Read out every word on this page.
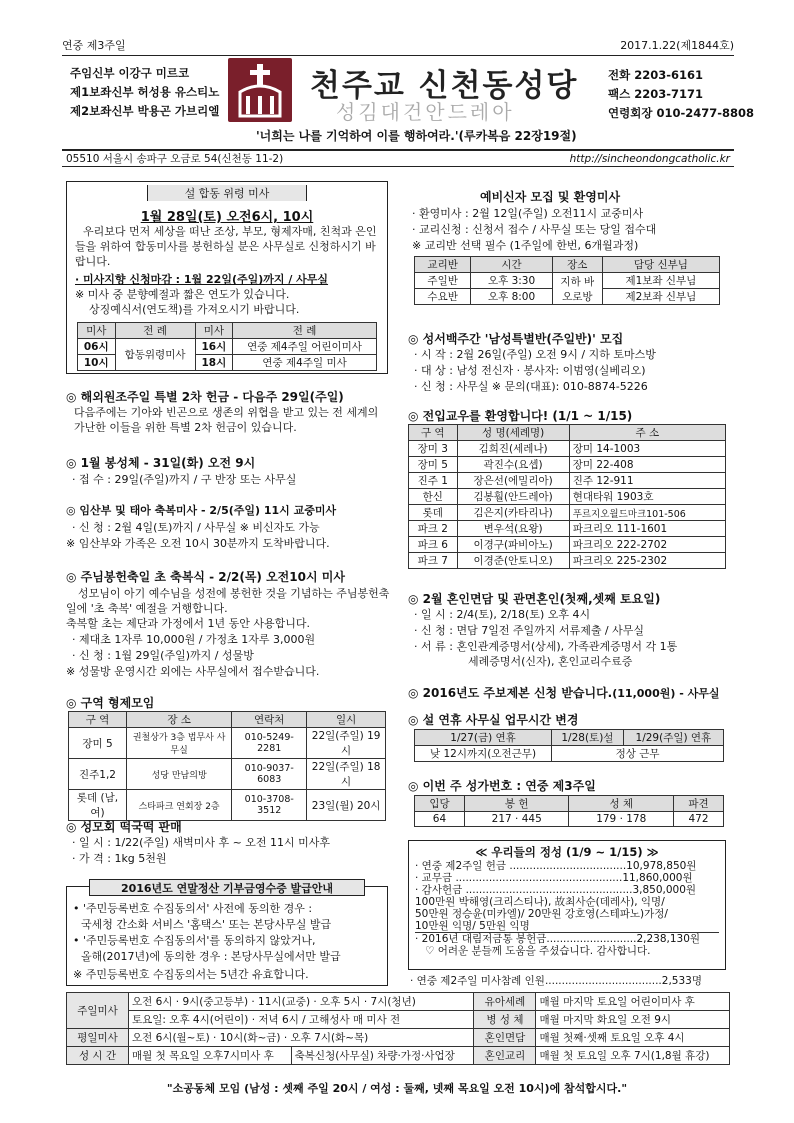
연중 제3주일	2017.1.22(제1844호)
주임신부 이강구 미르코
제1보좌신부 허성용 유스티노
제2보좌신부 박용곤 가브리엘
천주교 신천동성당
성김대건안드레아
전화 2203-6161
팩스 2203-7171
연령회장 010-2477-8808
'너희는 나를 기억하여 이를 행하여라.'(루카복음 22장19절)
05510 서울시 송파구 오금로 54(신천동 11-2)	http://sincheondongcatholic.kr
설 합동 위령 미사
1월 28일(토) 오전6시, 10시
우리보다 먼저 세상을 떠난 조상, 부모, 형제자매, 친척과 은인들을 위하여 합동미사를 봉헌하실 분은 사무실로 신청하시기 바랍니다.
· 미사지향 신청마감 : 1월 22일(주일)까지 / 사무실
※ 미사 중 분향예절과 짧은 연도가 있습니다.
상징예식서(연도책)를 가져오시기 바랍니다.
미사	전 례	미사	전 례
06시	합동위령미사	16시	연중 제4주일 어린이미사
10시		18시	연중 제4주일 미사
◎ 해외원조주일 특별 2차 헌금 - 다음주 29일(주일)
다음주에는 기아와 빈곤으로 생존의 위협을 받고 있는 전 세계의 가난한 이들을 위한 특별 2차 헌금이 있습니다.
◎ 1월 봉성체 - 31일(화) 오전 9시
· 접 수 : 29일(주일)까지 / 구 반장 또는 사무실
◎ 임산부 및 태아 축복미사 - 2/5(주일) 11시 교중미사
· 신 청 : 2월 4일(토)까지 / 사무실 ※ 비신자도 가능
※ 임산부와 가족은 오전 10시 30분까지 도착바랍니다.
◎ 주님봉헌축일 초 축복식 - 2/2(목) 오전10시 미사
성모님이 아기 예수님을 성전에 봉헌한 것을 기념하는 주님봉헌축일에 '초 축복' 예절을 거행합니다.
축복할 초는 제단과 가정에서 1년 동안 사용합니다.
· 제대초 1자루 10,000원 / 가정초 1자루 3,000원
· 신 청 : 1월 29일(주일)까지 / 성물방
※ 성물방 운영시간 외에는 사무실에서 접수받습니다.
◎ 구역 형제모임
구 역	장 소	연락처	일시
장미 5	권철상가 3층 법무사 사무실	010-5249-2281	22일(주일) 19시
진주1,2	성당 만남의방	010-9037-6083	22일(주일) 18시
롯데 (남,여)	스타파크 연회장 2층	010-3708-3512	23일(월) 20시
◎ 성모회 떡국떡 판매
· 일 시 : 1/22(주일) 새벽미사 후 ~ 오전 11시 미사후
· 가 격 : 1kg 5천원
2016년도 연말정산 기부금영수증 발급안내
• '주민등록번호 수집동의서' 사전에 동의한 경우 :
국세청 간소화 서비스 '홈택스' 또는 본당사무실 발급
• '주민등록번호 수집동의서'를 동의하지 않았거나,
올해(2017년)에 동의한 경우 : 본당사무실에서만 발급
※ 주민등록번호 수집동의서는 5년간 유효합니다.
예비신자 모집 및 환영미사
· 환영미사 : 2월 12일(주일) 오전11시 교중미사
· 교리신청 : 신청서 접수 / 사무실 또는 당일 접수대
※ 교리반 선택 필수 (1주일에 한번, 6개월과정)
교리반	시간	장소	담당 신부님
주일반	오후 3:30	지하 바오로방	제1보좌 신부님
수요반	오후 8:00		제2보좌 신부님
◎ 성서백주간 '남성특별반(주일반)' 모집
· 시 작 : 2월 26일(주일) 오전 9시 / 지하 토마스방
· 대 상 : 남성 전신자 · 봉사자: 이범영(실베리오)
· 신 청 : 사무실 ※ 문의(대표): 010-8874-5226
◎ 전입교우를 환영합니다! (1/1 ~ 1/15)
구 역	성 명(세례명)	주 소
장미 3	김희진(세레나)	장미 14-1003
장미 5	곽진수(요셉)	장미 22-408
진주 1	장은선(에밀리아)	진주 12-911
한신	김봉훨(안드레아)	현대타워 1903호
롯데	김은지(카타리나)	푸르지오월드마크101-506
파크 2	변우석(요왕)	파크리오 111-1601
파크 6	이경구(파비아노)	파크리오 222-2702
파크 7	이경준(안토니오)	파크리오 225-2302
◎ 2월 혼인면담 및 관면혼인(첫째,셋째 토요일)
· 일 시 : 2/4(토), 2/18(토) 오후 4시
· 신 청 : 면담 7일전 주일까지 서류제출 / 사무실
· 서 류 : 혼인관계증명서(상세), 가족관계증명서 각 1통
세례증명서(신자), 혼인교리수료증
◎ 2016년도 주보제본 신청 받습니다.(11,000원) - 사무실
◎ 설 연휴 사무실 업무시간 변경
1/27(금) 연휴	1/28(토)설	1/29(주일) 연휴
낮 12시까지(오전근무)	정상 근무	
◎ 이번 주 성가번호 : 연중 제3주일
입당	봉 헌	성 체	파견
64	217 · 445	179 · 178	472
≪ 우리들의 정성 (1/9 ~ 1/15) ≫
· 연중 제2주일 헌금 ...................................10,978,850원
· 교무금 ..................................................11,860,000원
· 감사헌금 ..................................................3,850,000원
100만원 박해영(크리스티나), 故최사순(데레사), 익명/
50만원 정승윤(미카엘)/ 20만원 강호영(스테파노)가정/
10만원 익명/ 5만원 익명
· 2016년 대림저금통 봉헌금...........................2,238,130원
♡ 어려운 분들께 도움을 주셨습니다. 감사합니다.
· 연중 제2주일 미사참례 인원...................................2,533명
주일미사	오전 6시 · 9시(중고등부) · 11시(교중) · 오후 5시 · 7시(청년)		유아세례	매월 마지막 토요일 어린이미사 후
	토요일: 오후 4시(어린이) · 저녁 6시 / 고해성사 매 미사 전		병 성 체	매월 마지막 화요일 오전 9시
평일미사	오전 6시(월~토) · 10시(화~금) · 오후 7시(화~목)		혼인면담	매월 첫째·셋째 토요일 오후 4시
성 시 간	매월 첫 목요일 오후7시미사 후	축복신청(사무실) 차량·가정·사업장	혼인교리	매월 첫 토요일 오후 7시(1,8월 휴강)
"소공동체 모임 (남성 : 셋째 주일 20시 / 여성 : 둘째, 넷째 목요일 오전 10시)에 참석합시다."
